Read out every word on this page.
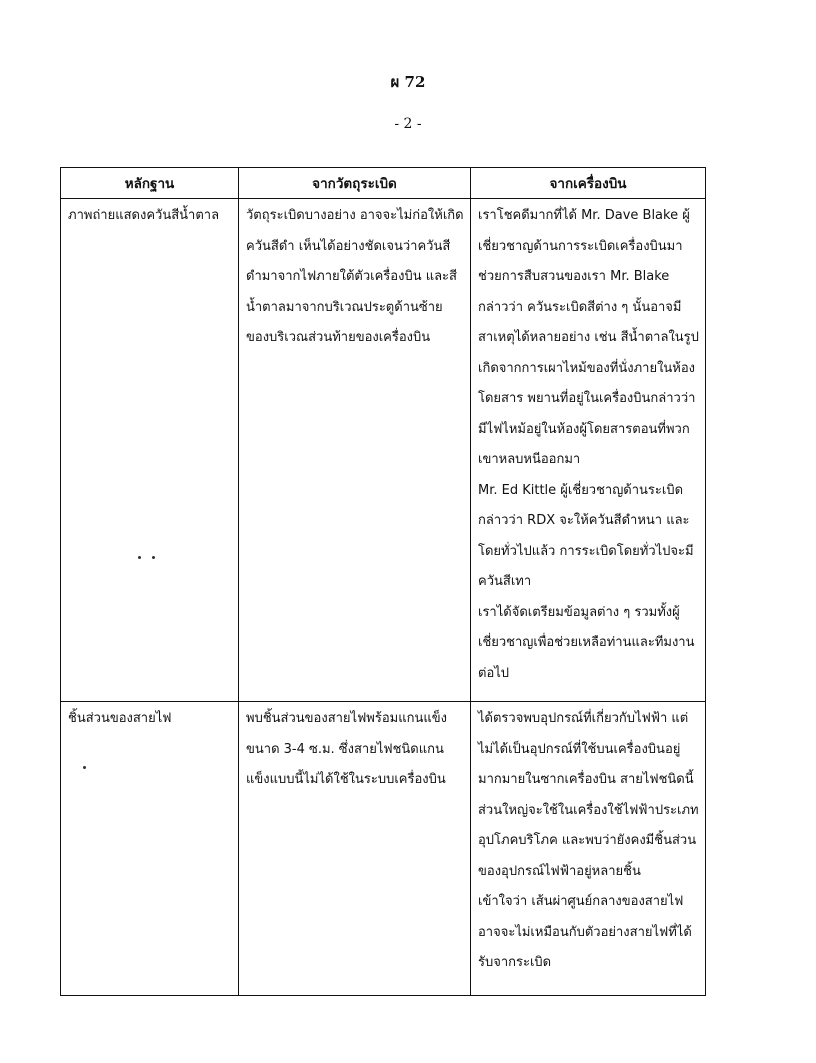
ผ 72
- 2 -
หลักฐาน	จากวัตถุระเบิด	จากเครื่องบิน
ภาพถ่ายแสดงควันสีน้ำตาล	วัตถุระเบิดบางอย่าง อาจจะไม่ก่อให้เกิดควันสีดำ เห็นได้อย่างชัดเจนว่าควันสีดำมาจากไฟภายใต้ตัวเครื่องบิน และสีน้ำตาลมาจากบริเวณประตูด้านซ้ายของบริเวณส่วนท้ายของเครื่องบิน	เราโชคดีมากที่ได้ Mr. Dave Blake ผู้เชี่ยวชาญด้านการระเบิดเครื่องบินมาช่วยการสืบสวนของเรา Mr. Blake กล่าวว่า ควันระเบิดสีต่าง ๆ นั้นอาจมีสาเหตุได้หลายอย่าง เช่น สีน้ำตาลในรูปเกิดจากการเผาไหม้ของที่นั่งภายในห้องโดยสาร พยานที่อยู่ในเครื่องบินกล่าวว่า มีไฟไหม้อยู่ในห้องผู้โดยสารตอนที่พวกเขาหลบหนีออกมา

Mr. Ed Kittle ผู้เชี่ยวชาญด้านระเบิดกล่าวว่า RDX จะให้ควันสีดำหนา และโดยทั่วไปแล้ว การระเบิดโดยทั่วไปจะมีควันสีเทา

เราได้จัดเตรียมข้อมูลต่าง ๆ รวมทั้งผู้เชี่ยวชาญเพื่อช่วยเหลือท่านและทีมงานต่อไป

ชิ้นส่วนของสายไฟ	พบชิ้นส่วนของสายไฟพร้อมแกนแข็ง ขนาด 3-4 ซ.ม. ซึ่งสายไฟชนิดแกนแข็งแบบนี้ไม่ได้ใช้ในระบบเครื่องบิน	ได้ตรวจพบอุปกรณ์ที่เกี่ยวกับไฟฟ้า แต่ไม่ได้เป็นอุปกรณ์ที่ใช้บนเครื่องบินอยู่มากมายในซากเครื่องบิน สายไฟชนิดนี้ส่วนใหญ่จะใช้ในเครื่องใช้ไฟฟ้าประเภทอุปโภคบริโภค และพบว่ายังคงมีชิ้นส่วนของอุปกรณ์ไฟฟ้าอยู่หลายชิ้น

เข้าใจว่า เส้นผ่าศูนย์กลางของสายไฟอาจจะไม่เหมือนกับตัวอย่างสายไฟที่ได้รับจากระเบิด
